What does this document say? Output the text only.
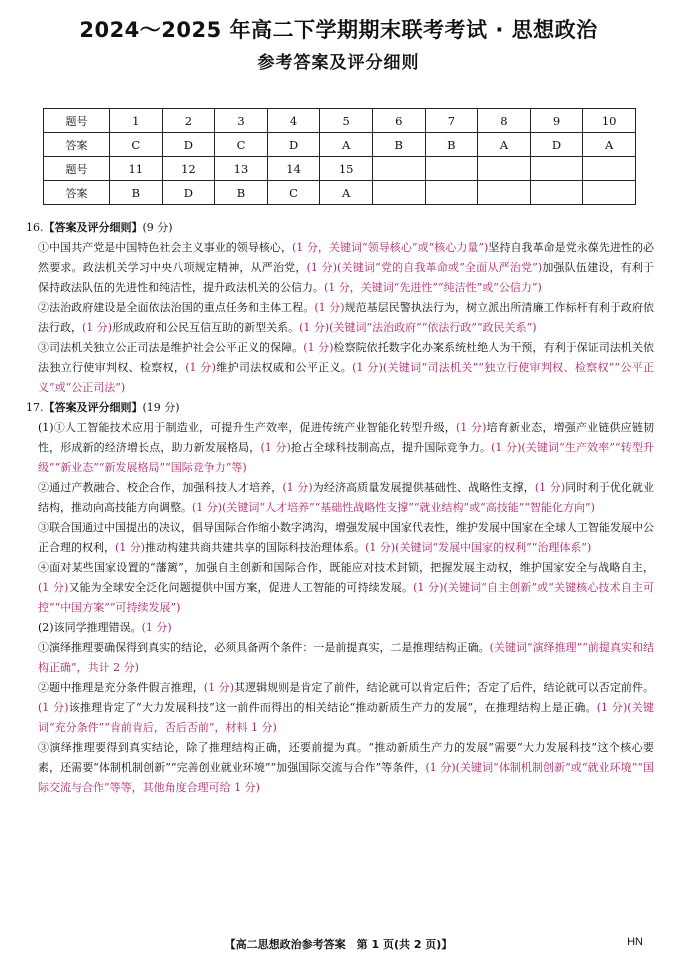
2024～2025 年高二下学期期末联考考试 · 思想政治
参考答案及评分细则
题号	1	2	3	4	5	6	7	8	9	10
答案	C	D	C	D	A	B	B	A	D	A
题号	11	12	13	14	15					
答案	B	D	B	C	A					
16.【答案及评分细则】(9 分)
①中国共产党是中国特色社会主义事业的领导核心，(1 分，关键词“领导核心”或“核心力量”)坚持自我革命是党永葆先进性的必然要求。政法机关学习中央八项规定精神，从严治党，(1 分)(关键词“党的自我革命或”全面从严治党”)加强队伍建设，有利于保持政法队伍的先进性和纯洁性，提升政法机关的公信力。(1 分，关键词“先进性”“纯洁性”或“公信力”)
②法治政府建设是全面依法治国的重点任务和主体工程。(1 分)规范基层民警执法行为，树立派出所清廉工作标杆有利于政府依法行政，(1 分)形成政府和公民互信互助的新型关系。(1 分)(关键词“法治政府”“依法行政”“政民关系”)
③司法机关独立公正司法是维护社会公平正义的保障。(1 分)检察院依托数字化办案系统杜绝人为干预，有利于保证司法机关依法独立行使审判权、检察权，(1 分)维护司法权威和公平正义。(1 分)(关键词“司法机关”“独立行使审判权、检察权”“公平正义”或“公正司法”)
17.【答案及评分细则】(19 分)
(1)①人工智能技术应用于制造业，可提升生产效率，促进传统产业智能化转型升级，(1 分)培育新业态，增强产业链供应链韧性，形成新的经济增长点，助力新发展格局，(1 分)抢占全球科技制高点，提升国际竞争力。(1 分)(关键词“生产效率”“转型升级”“新业态”“新发展格局”“国际竞争力”等)
②通过产教融合、校企合作，加强科技人才培养，(1 分)为经济高质量发展提供基础性、战略性支撑，(1 分)同时利于优化就业结构，推动向高技能方向调整。(1 分)(关键词“人才培养”“基础性战略性支撑”“就业结构”或“高技能”“智能化方向”)
③联合国通过中国提出的决议，倡导国际合作缩小数字鸿沟，增强发展中国家代表性，维护发展中国家在全球人工智能发展中公正合理的权利，(1 分)推动构建共商共建共享的国际科技治理体系。(1 分)(关键词“发展中国家的权利”“治理体系”)
④面对某些国家设置的“藩篱”，加强自主创新和国际合作，既能应对技术封锁，把握发展主动权，维护国家安全与战略自主，(1 分)又能为全球安全泛化问题提供中国方案，促进人工智能的可持续发展。(1 分)(关键词“自主创新”或“关键核心技术自主可控”“中国方案”“可持续发展”)
(2)该同学推理错误。(1 分)
①演绎推理要确保得到真实的结论，必须具备两个条件：一是前提真实，二是推理结构正确。(关键词“演绎推理”“前提真实和结构正确”，共计 2 分)
②题中推理是充分条件假言推理，(1 分)其逻辑规则是肯定了前件，结论就可以肯定后件；否定了后件，结论就可以否定前件。(1 分)该推理肯定了“大力发展科技”这一前件而得出的相关结论“推动新质生产力的发展”，在推理结构上是正确。(1 分)(关键词“充分条件”“肯前肯后，否后否前”，材料 1 分)
③演绎推理要得到真实结论，除了推理结构正确，还要前提为真。“推动新质生产力的发展”需要“大力发展科技”这个核心要素，还需要“体制机制创新”“完善创业就业环境”“加强国际交流与合作”等条件，(1 分)(关键词“体制机制创新”或“就业环境”“国际交流与合作”等等，其他角度合理可给 1 分)
【高二思想政治参考答案　第 1 页(共 2 页)】	HN
